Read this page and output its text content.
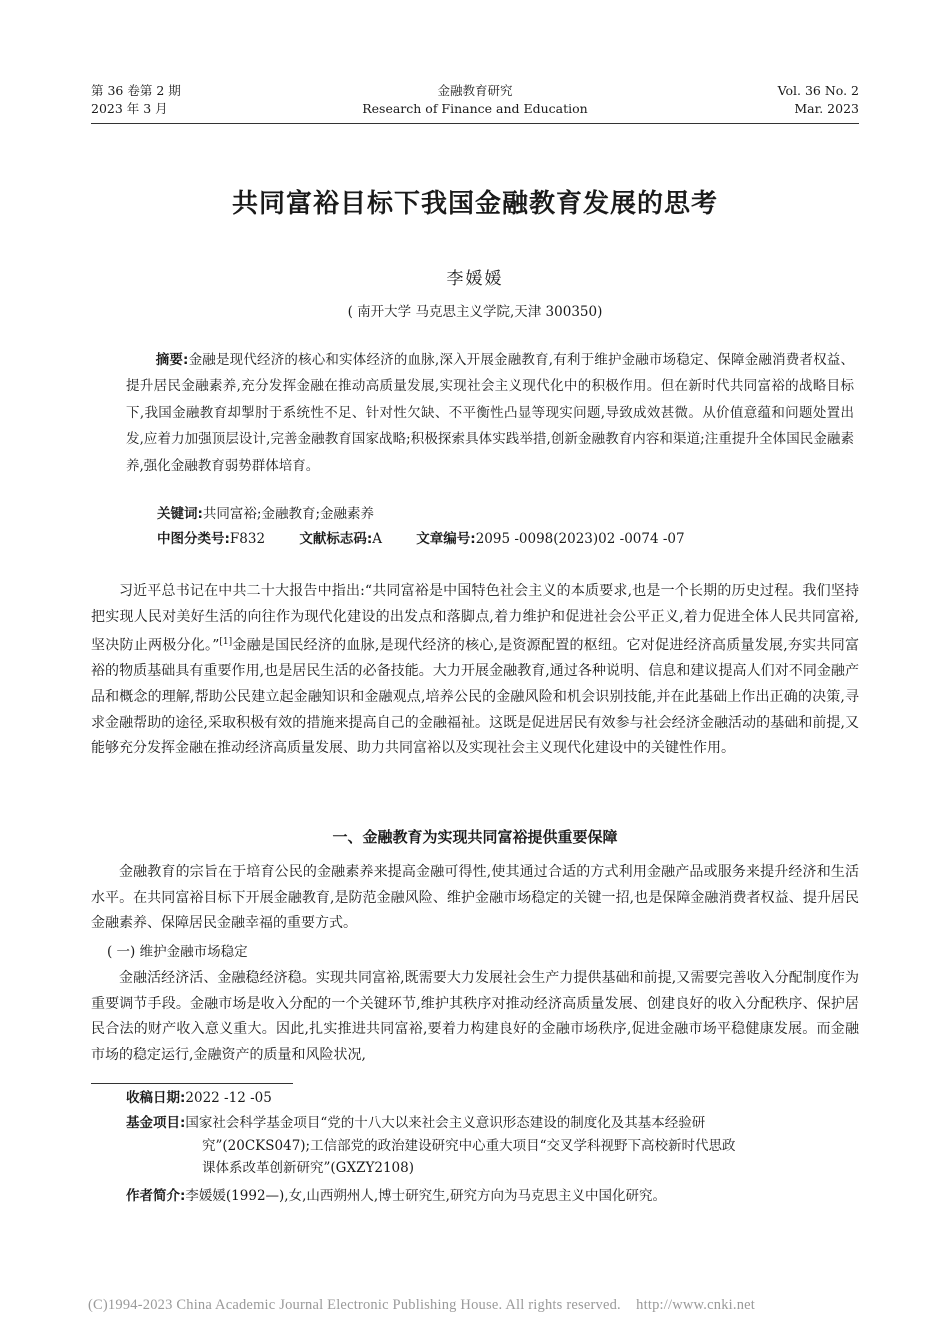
第 36 卷第 2 期
2023 年 3 月
金融教育研究
Research of Finance and Education
Vol. 36 No. 2
Mar. 2023
共同富裕目标下我国金融教育发展的思考
李媛媛
( 南开大学 马克思主义学院,天津 300350)

摘要:金融是现代经济的核心和实体经济的血脉,深入开展金融教育,有利于维护金融市场稳定、保障金融消费者权益、提升居民金融素养,充分发挥金融在推动高质量发展,实现社会主义现代化中的积极作用。但在新时代共同富裕的战略目标下,我国金融教育却掣肘于系统性不足、针对性欠缺、不平衡性凸显等现实问题,导致成效甚微。从价值意蕴和问题处置出发,应着力加强顶层设计,完善金融教育国家战略;积极探索具体实践举措,创新金融教育内容和渠道;注重提升全体国民金融素养,强化金融教育弱势群体培育。

关键词:共同富裕;金融教育;金融素养
中图分类号:F832	文献标志码:A	文章编号:2095 -0098(2023)02 -0074 -07

习近平总书记在中共二十大报告中指出:“共同富裕是中国特色社会主义的本质要求,也是一个长期的历史过程。我们坚持把实现人民对美好生活的向往作为现代化建设的出发点和落脚点,着力维护和促进社会公平正义,着力促进全体人民共同富裕,坚决防止两极分化。”[1]金融是国民经济的血脉,是现代经济的核心,是资源配置的枢纽。它对促进经济高质量发展,夯实共同富裕的物质基础具有重要作用,也是居民生活的必备技能。大力开展金融教育,通过各种说明、信息和建议提高人们对不同金融产品和概念的理解,帮助公民建立起金融知识和金融观点,培养公民的金融风险和机会识别技能,并在此基础上作出正确的决策,寻求金融帮助的途径,采取积极有效的措施来提高自己的金融福祉。这既是促进居民有效参与社会经济金融活动的基础和前提,又能够充分发挥金融在推动经济高质量发展、助力共同富裕以及实现社会主义现代化建设中的关键性作用。

一、金融教育为实现共同富裕提供重要保障

金融教育的宗旨在于培育公民的金融素养来提高金融可得性,使其通过合适的方式利用金融产品或服务来提升经济和生活水平。在共同富裕目标下开展金融教育,是防范金融风险、维护金融市场稳定的关键一招,也是保障金融消费者权益、提升居民金融素养、保障居民金融幸福的重要方式。

( 一) 维护金融市场稳定

金融活经济活、金融稳经济稳。实现共同富裕,既需要大力发展社会生产力提供基础和前提,又需要完善收入分配制度作为重要调节手段。金融市场是收入分配的一个关键环节,维护其秩序对推动经济高质量发展、创建良好的收入分配秩序、保护居民合法的财产收入意义重大。因此,扎实推进共同富裕,要着力构建良好的金融市场秩序,促进金融市场平稳健康发展。而金融市场的稳定运行,金融资产的质量和风险状况,

收稿日期:2022 -12 -05
基金项目:国家社会科学基金项目“党的十八大以来社会主义意识形态建设的制度化及其基本经验研
究”(20CKS047);工信部党的政治建设研究中心重大项目“交叉学科视野下高校新时代思政
课体系改革创新研究”(GXZY2108)
作者简介:李媛媛(1992—),女,山西朔州人,博士研究生,研究方向为马克思主义中国化研究。
(C)1994-2023 China Academic Journal Electronic Publishing House. All rights reserved.    http://www.cnki.net
